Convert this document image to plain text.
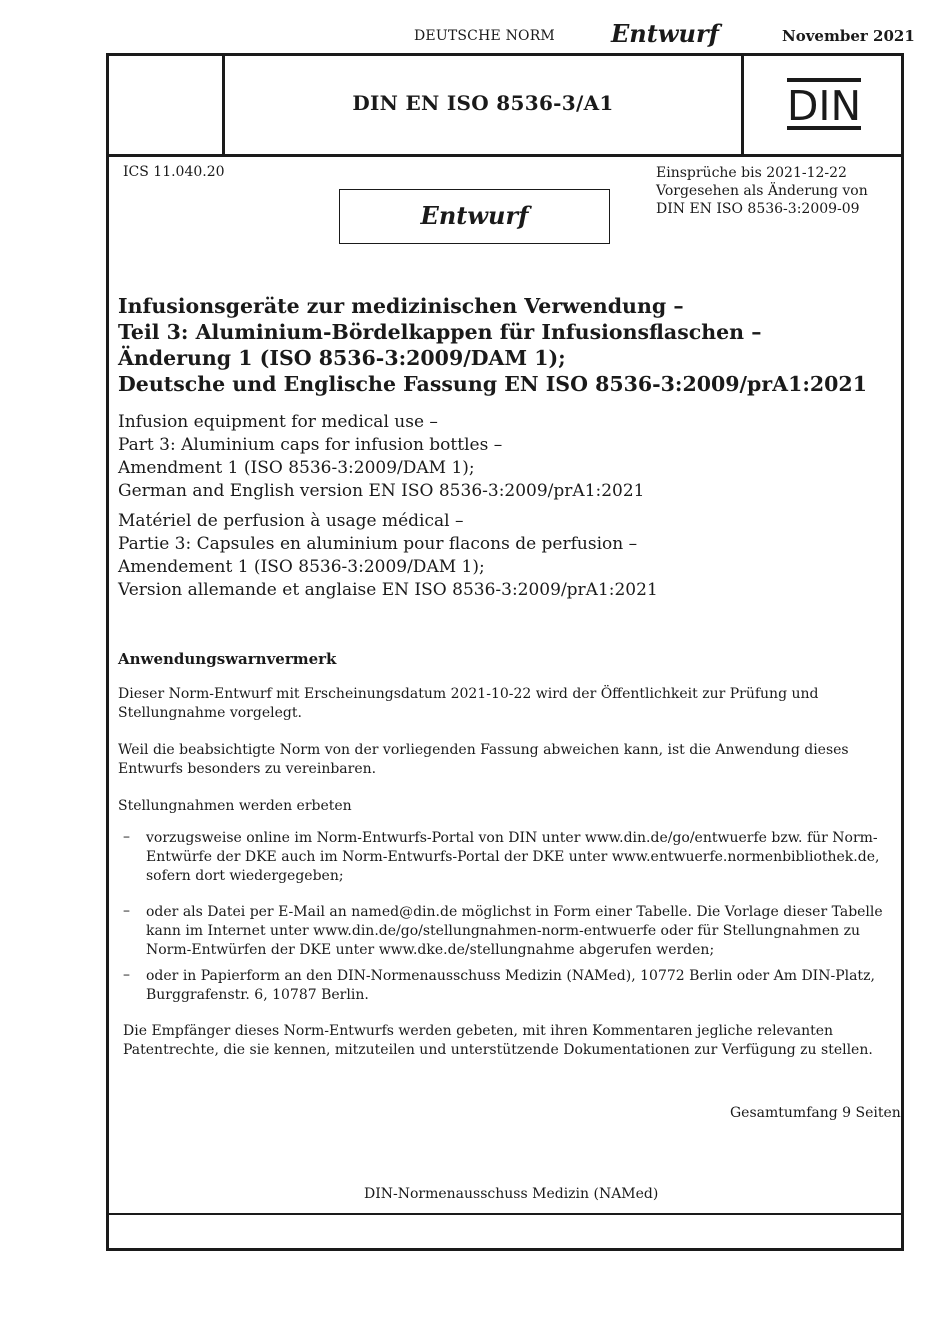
DEUTSCHE NORM Entwurf	November 2021
DIN EN ISO 8536-3/A1	DIN
ICS 11.040.20	Einsprüche bis 2021-12-22
Vorgesehen als Änderung von
DIN EN ISO 8536-3:2009-09
Entwurf
Infusionsgeräte zur medizinischen Verwendung –
Teil 3: Aluminium-Bördelkappen für Infusionsflaschen –
Änderung 1 (ISO 8536-3:2009/DAM 1);
Deutsche und Englische Fassung EN ISO 8536-3:2009/prA1:2021
Infusion equipment for medical use –
Part 3: Aluminium caps for infusion bottles –
Amendment 1 (ISO 8536-3:2009/DAM 1);
German and English version EN ISO 8536-3:2009/prA1:2021
Matériel de perfusion à usage médical –
Partie 3: Capsules en aluminium pour flacons de perfusion –
Amendement 1 (ISO 8536-3:2009/DAM 1);
Version allemande et anglaise EN ISO 8536-3:2009/prA1:2021
Anwendungswarnvermerk
Dieser Norm-Entwurf mit Erscheinungsdatum 2021-10-22 wird der Öffentlichkeit zur Prüfung und Stellungnahme vorgelegt.
Weil die beabsichtigte Norm von der vorliegenden Fassung abweichen kann, ist die Anwendung dieses Entwurfs besonders zu vereinbaren.
Stellungnahmen werden erbeten
– vorzugsweise online im Norm-Entwurfs-Portal von DIN unter www.din.de/go/entwuerfe bzw. für Norm-Entwürfe der DKE auch im Norm-Entwurfs-Portal der DKE unter www.entwuerfe.normenbibliothek.de, sofern dort wiedergegeben;
– oder als Datei per E-Mail an named@din.de möglichst in Form einer Tabelle. Die Vorlage dieser Tabelle kann im Internet unter www.din.de/go/stellungnahmen-norm-entwuerfe oder für Stellungnahmen zu Norm-Entwürfen der DKE unter www.dke.de/stellungnahme abgerufen werden;
– oder in Papierform an den DIN-Normenausschuss Medizin (NAMed), 10772 Berlin oder Am DIN-Platz, Burggrafenstr. 6, 10787 Berlin.
Die Empfänger dieses Norm-Entwurfs werden gebeten, mit ihren Kommentaren jegliche relevanten Patentrechte, die sie kennen, mitzuteilen und unterstützende Dokumentationen zur Verfügung zu stellen.
Gesamtumfang 9 Seiten
DIN-Normenausschuss Medizin (NAMed)
